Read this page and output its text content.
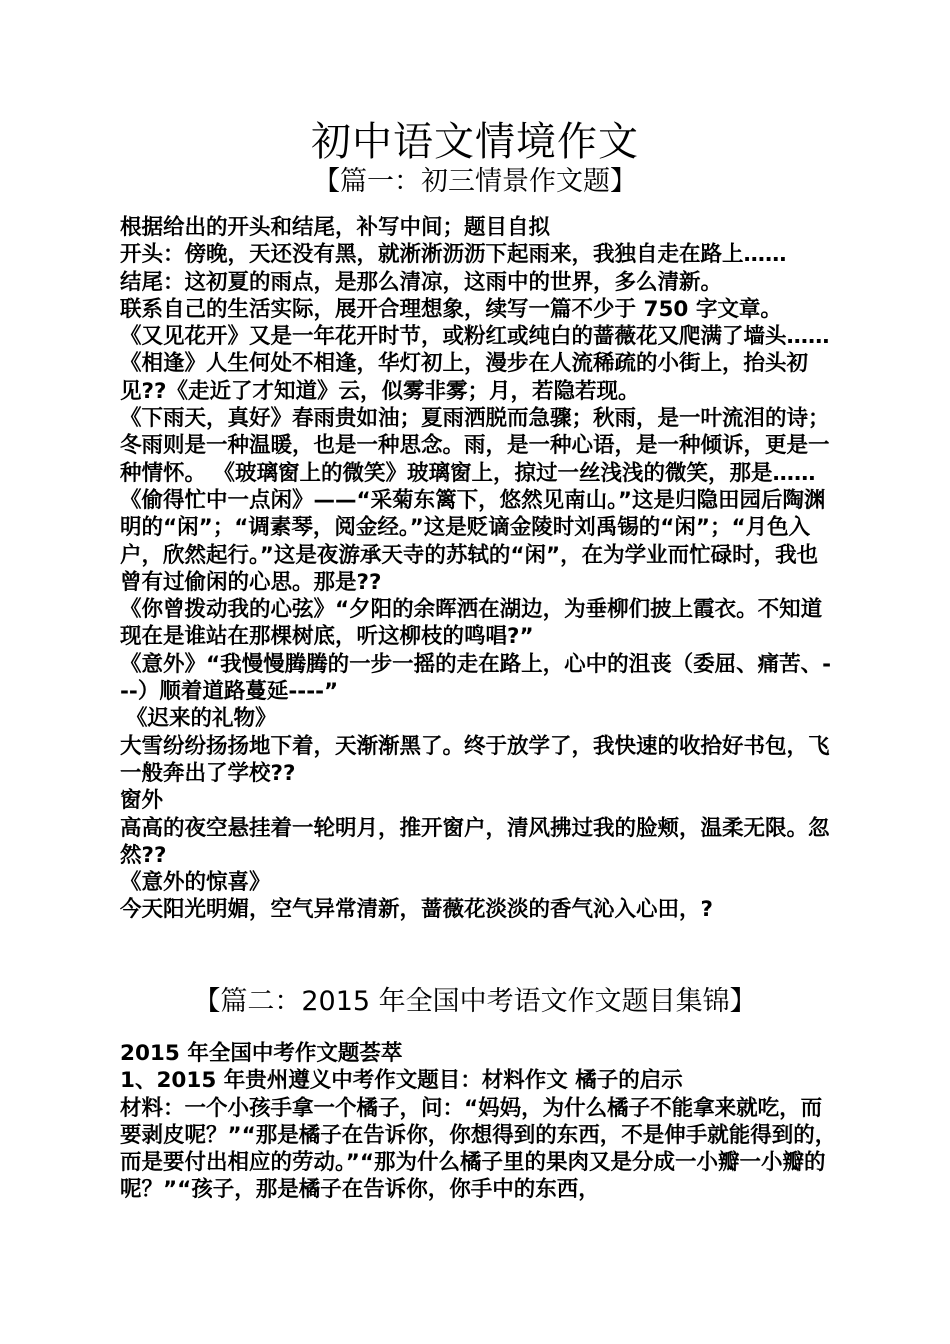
初中语文情境作文
【篇一：初三情景作文题】

根据给出的开头和结尾，补写中间；题目自拟

开头：傍晚，天还没有黑，就淅淅沥沥下起雨来，我独自走在路上……

结尾：这初夏的雨点，是那么清凉，这雨中的世界，多么清新。

联系自己的生活实际，展开合理想象，续写一篇不少于 750 字文章。

《又见花开》又是一年花开时节，或粉红或纯白的蔷薇花又爬满了墙头……《相逢》人生何处不相逢，华灯初上，漫步在人流稀疏的小街上，抬头初见??《走近了才知道》云，似雾非雾；月，若隐若现。

《下雨天，真好》春雨贵如油；夏雨洒脱而急骤；秋雨，是一叶流泪的诗；冬雨则是一种温暖，也是一种思念。雨，是一种心语，是一种倾诉，更是一种情怀。 《玻璃窗上的微笑》玻璃窗上，掠过一丝浅浅的微笑，那是……

《偷得忙中一点闲》——“采菊东篱下，悠然见南山。”这是归隐田园后陶渊明的“闲”；“调素琴，阅金经。”这是贬谪金陵时刘禹锡的“闲”；“月色入户，欣然起行。”这是夜游承天寺的苏轼的“闲”，在为学业而忙碌时，我也曾有过偷闲的心思。那是??

《你曾拨动我的心弦》“夕阳的余晖洒在湖边，为垂柳们披上霞衣。不知道现在是谁站在那棵树底，听这柳枝的鸣唱?”

《意外》“我慢慢腾腾的一步一摇的走在路上，心中的沮丧（委屈、痛苦、---）顺着道路蔓延----”

《迟来的礼物》

大雪纷纷扬扬地下着，天渐渐黑了。终于放学了，我快速的收拾好书包，飞一般奔出了学校??

窗外

高高的夜空悬挂着一轮明月，推开窗户，清风拂过我的脸颊，温柔无限。忽然??

《意外的惊喜》

今天阳光明媚，空气异常清新，蔷薇花淡淡的香气沁入心田，?

【篇二：2015 年全国中考语文作文题目集锦】

2015 年全国中考作文题荟萃

1、2015 年贵州遵义中考作文题目：材料作文 橘子的启示

材料：一个小孩手拿一个橘子，问：“妈妈，为什么橘子不能拿来就吃，而要剥皮呢？”“那是橘子在告诉你，你想得到的东西，不是伸手就能得到的，而是要付出相应的劳动。”“那为什么橘子里的果肉又是分成一小瓣一小瓣的呢？”“孩子，那是橘子在告诉你，你手中的东西，
